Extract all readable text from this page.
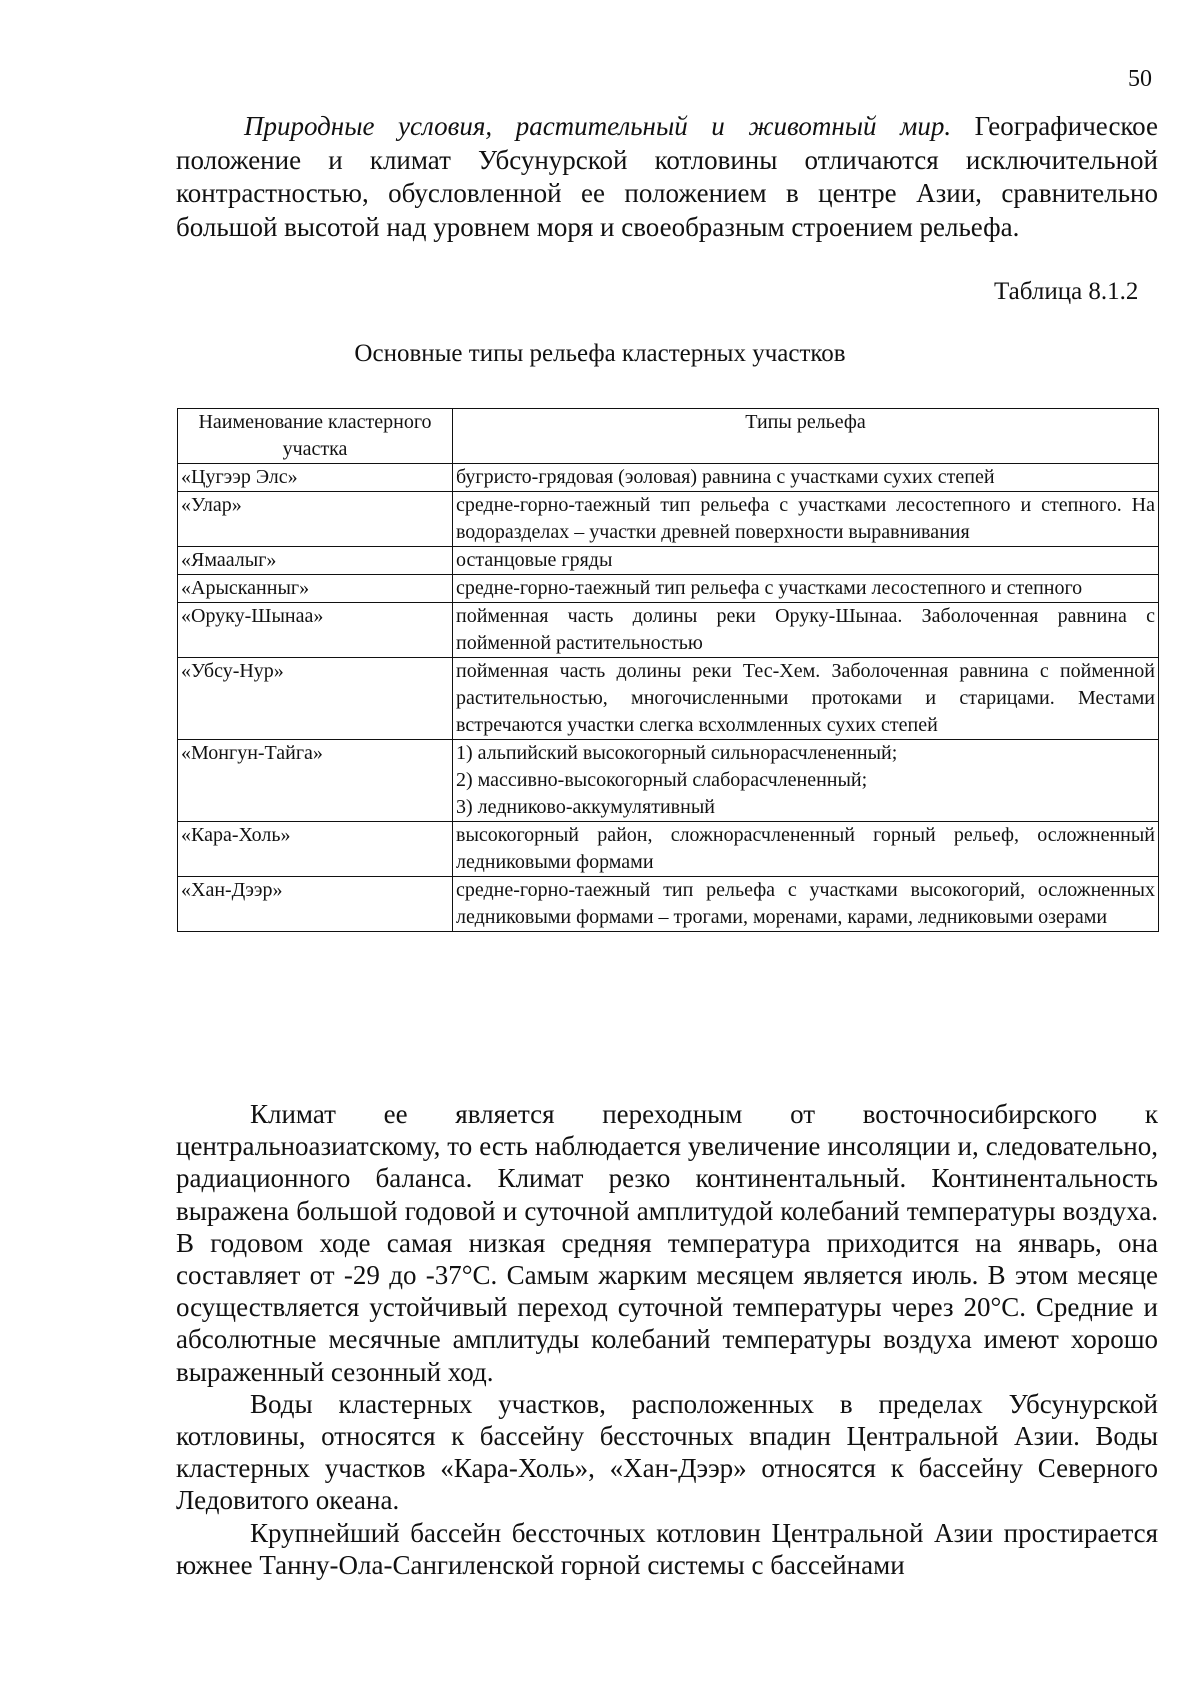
50

Природные условия, растительный и животный мир. Географическое положение и климат Убсунурской котловины отличаются исключительной контрастностью, обусловленной ее положением в центре Азии, сравнительно большой высотой над уровнем моря и своеобразным строением рельефа.

Таблица 8.1.2
Основные типы рельефа кластерных участков
Наименование кластерного участка	Типы рельефа
«Цугээр Элс»	бугристо-грядовая (эоловая) равнина с участками сухих степей

«Улар»	средне-горно-таежный тип рельефа с участками лесостепного и степного. На водоразделах – участки древней поверхности выравнивания

«Ямаалыг»	останцовые гряды

«Арысканныг»	средне-горно-таежный тип рельефа с участками лесостепного и степного

«Оруку-Шынаа»	пойменная часть долины реки Оруку-Шынаа. Заболоченная равнина с пойменной растительностью

«Убсу-Нур»	пойменная часть долины реки Тес-Хем. Заболоченная равнина с пойменной растительностью, многочисленными протоками и старицами. Местами встречаются участки слегка всхолмленных сухих степей

«Монгун-Тайга»	1) альпийский высокогорный сильнорасчлененный;
2) массивно-высокогорный слаборасчлененный;
3) ледниково-аккумулятивный

«Кара-Холь»	высокогорный район, сложнорасчлененный горный рельеф, осложненный ледниковыми формами

«Хан-Дээр»	средне-горно-таежный тип рельефа с участками высокогорий, осложненных ледниковыми формами – трогами, моренами, карами, ледниковыми озерами

Климат ее является переходным от восточносибирского к центральноазиатскому, то есть наблюдается увеличение инсоляции и, следовательно, радиационного баланса. Климат резко континентальный. Континентальность выражена большой годовой и суточной амплитудой колебаний температуры воздуха. В годовом ходе самая низкая средняя температура приходится на январь, она составляет от -29 до -37°С. Самым жарким месяцем является июль. В этом месяце осуществляется устойчивый переход суточной температуры через 20°С. Средние и абсолютные месячные амплитуды колебаний температуры воздуха имеют хорошо выраженный сезонный ход.

Воды кластерных участков, расположенных в пределах Убсунурской котловины, относятся к бассейну бессточных впадин Центральной Азии. Воды кластерных участков «Кара-Холь», «Хан-Дээр» относятся к бассейну Северного Ледовитого океана.

Крупнейший бассейн бессточных котловин Центральной Азии простирается южнее Танну-Ола-Сангиленской горной системы с бассейнами
